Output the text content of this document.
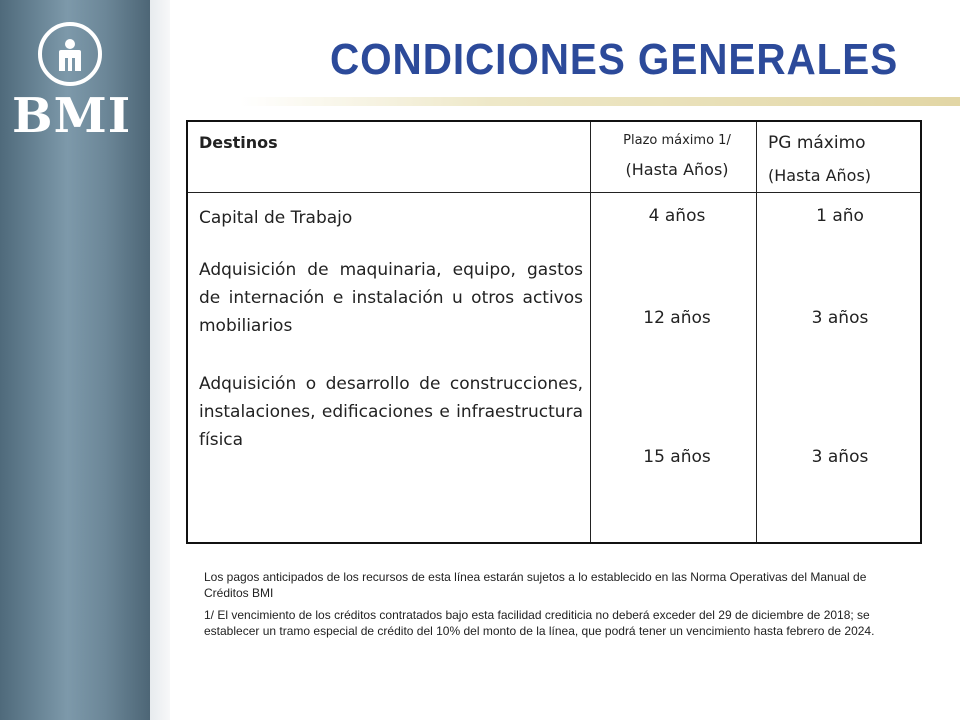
BMI
CONDICIONES GENERALES
Destinos	Plazo máximo 1/
(Hasta Años)
PG máximo
(Hasta Años)
Capital de Trabajo
Adquisición de maquinaria, equipo, gastos de internación e instalación u otros activos mobiliarios
Adquisición o desarrollo de construcciones, instalaciones, edificaciones e infraestructura física
4 años
12 años
15 años
1 año
3 años
3 años

Los pagos anticipados de los recursos de esta línea estarán sujetos a lo establecido en las Norma Operativas del Manual de Créditos BMI

1/ El vencimiento de los créditos contratados bajo esta facilidad crediticia no deberá exceder del 29 de diciembre de 2018; se establecer un tramo especial de crédito del 10% del monto de la línea, que podrá tener un vencimiento hasta febrero de 2024.
